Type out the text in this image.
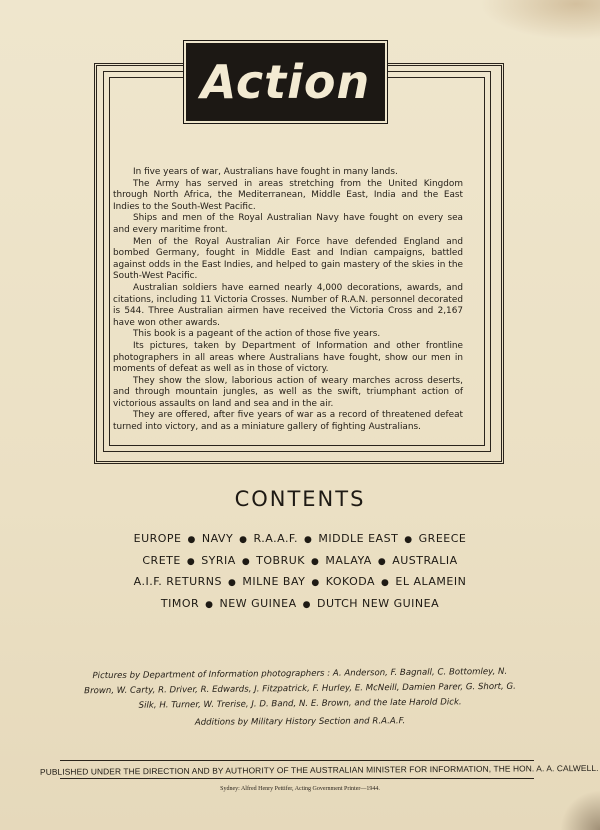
Action

In five years of war, Australians have fought in many lands.

The Army has served in areas stretching from the United Kingdom through North Africa, the Mediterranean, Middle East, India and the East Indies to the South-West Pacific.

Ships and men of the Royal Australian Navy have fought on every sea and every maritime front.

Men of the Royal Australian Air Force have defended England and bombed Germany, fought in Middle East and Indian campaigns, battled against odds in the East Indies, and helped to gain mastery of the skies in the South-West Pacific.

Australian soldiers have earned nearly 4,000 decorations, awards, and citations, including 11 Victoria Crosses. Number of R.A.N. personnel decorated is 544. Three Australian airmen have received the Victoria Cross and 2,167 have won other awards.

This book is a pageant of the action of those five years.

Its pictures, taken by Department of Information and other frontline photographers in all areas where Australians have fought, show our men in moments of defeat as well as in those of victory.

They show the slow, laborious action of weary marches across deserts, and through mountain jungles, as well as the swift, triumphant action of victorious assaults on land and sea and in the air.

They are offered, after five years of war as a record of threatened defeat turned into victory, and as a miniature gallery of fighting Australians.

CONTENTS
EUROPE ● NAVY ● R.A.A.F. ● MIDDLE EAST ● GREECE
CRETE ● SYRIA ● TOBRUK ● MALAYA ● AUSTRALIA
A.I.F. RETURNS ● MILNE BAY ● KOKODA ● EL ALAMEIN
TIMOR ● NEW GUINEA ● DUTCH NEW GUINEA
Pictures by Department of Information photographers : A. Anderson, F. Bagnall, C. Bottomley, N. Brown, W. Carty, R. Driver, R. Edwards, J. Fitzpatrick, F. Hurley, E. McNeill, Damien Parer, G. Short, G. Silk, H. Turner, W. Trerise, J. D. Band, N. E. Brown, and the late Harold Dick.
Additions by Military History Section and R.A.A.F.
PUBLISHED UNDER THE DIRECTION AND BY AUTHORITY OF THE AUSTRALIAN MINISTER FOR INFORMATION, THE HON. A. A. CALWELL.
Sydney: Alfred Henry Pettifer, Acting Government Printer—1944.
